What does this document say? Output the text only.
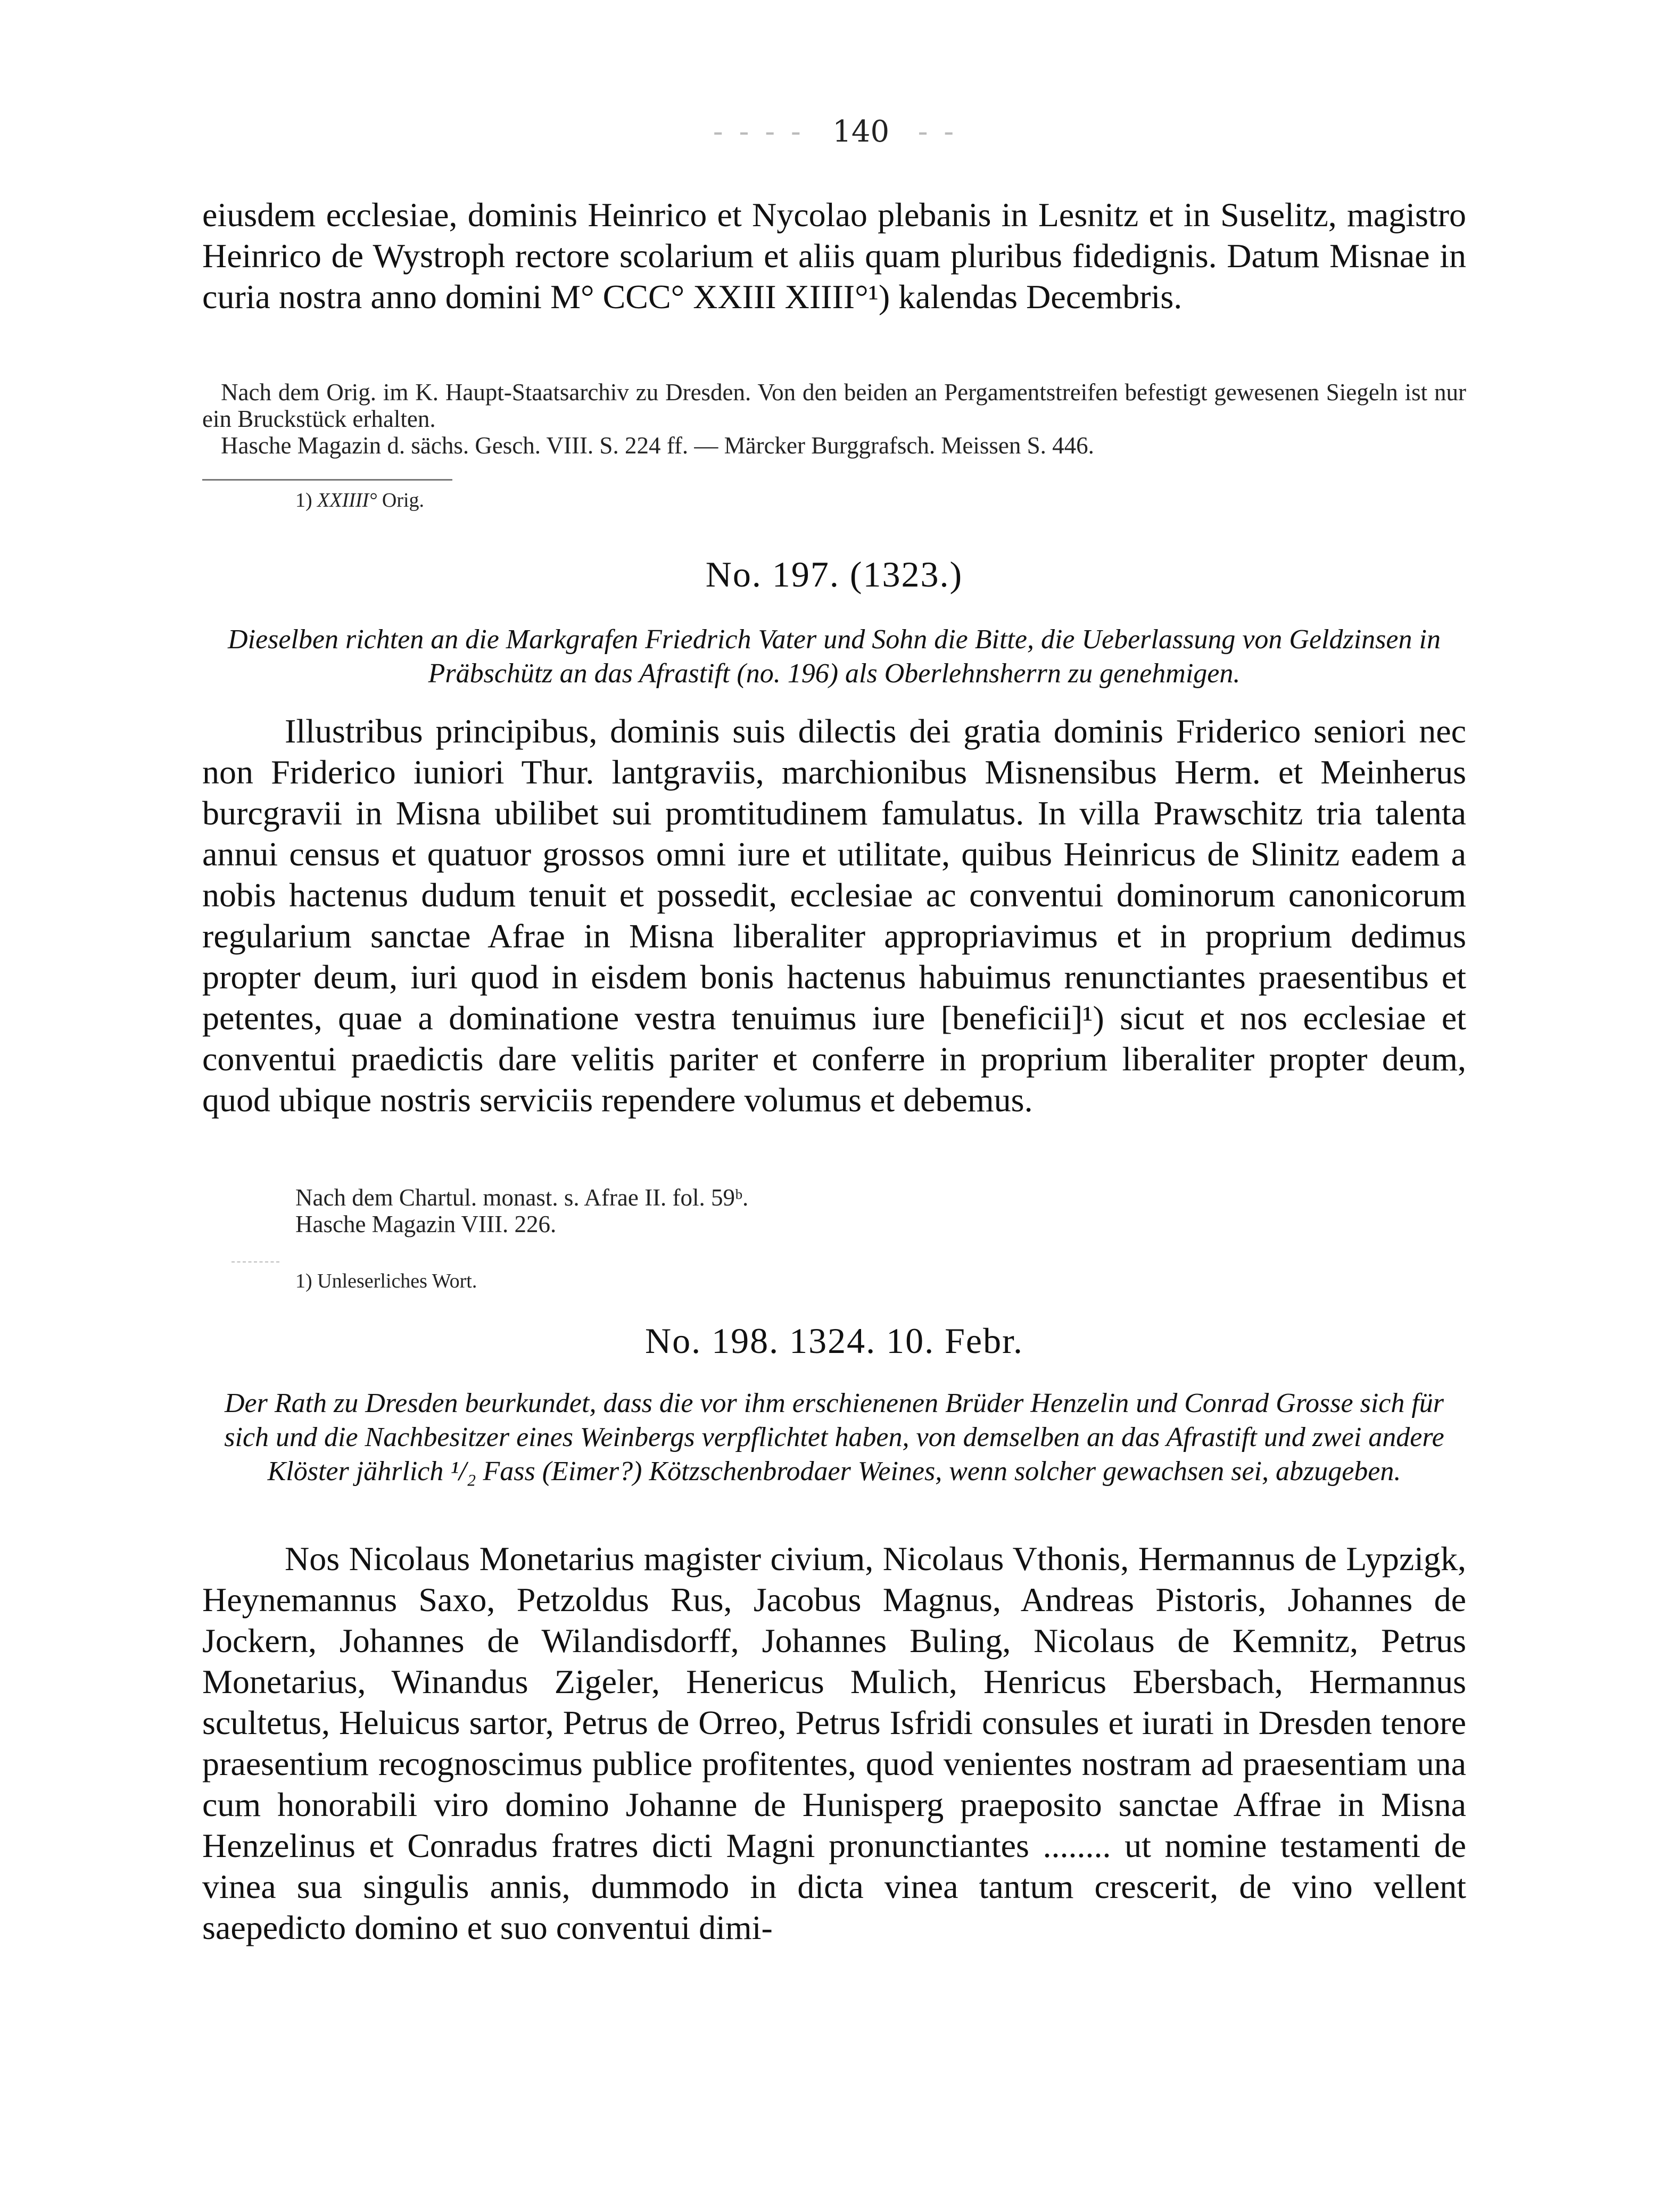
- - - - 140 - -
eiusdem ecclesiae, dominis Heinrico et Nycolao plebanis in Lesnitz et in Suselitz, magistro Heinrico de Wystroph rectore scolarium et aliis quam pluribus fidedignis. Datum Misnae in curia nostra anno domini M° CCC° XXIII XIIII°¹) kalendas Decembris.
Nach dem Orig. im K. Haupt-Staatsarchiv zu Dresden. Von den beiden an Pergamentstreifen befestigt gewesenen Siegeln ist nur ein Bruckstück erhalten.
Hasche Magazin d. sächs. Gesch. VIII. S. 224 ff. — Märcker Burggrafsch. Meissen S. 446.
1) XXIIII° Orig.
No. 197. (1323.)
Dieselben richten an die Markgrafen Friedrich Vater und Sohn die Bitte, die Ueberlassung von Geldzinsen in Präbschütz an das Afrastift (no. 196) als Oberlehnsherrn zu genehmigen.
Illustribus principibus, dominis suis dilectis dei gratia dominis Friderico seniori nec non Friderico iuniori Thur. lantgraviis, marchionibus Misnensibus Herm. et Meinherus burcgravii in Misna ubilibet sui promtitudinem famulatus. In villa Prawschitz tria talenta annui census et quatuor grossos omni iure et utilitate, quibus Heinricus de Slinitz eadem a nobis hactenus dudum tenuit et possedit, ecclesiae ac conventui dominorum canonicorum regularium sanctae Afrae in Misna liberaliter appropriavimus et in proprium dedimus propter deum, iuri quod in eisdem bonis hactenus habuimus renunctiantes praesentibus et petentes, quae a dominatione vestra tenuimus iure [beneficii]¹) sicut et nos ecclesiae et conventui praedictis dare velitis pariter et conferre in proprium liberaliter propter deum, quod ubique nostris serviciis rependere volumus et debemus.
Nach dem Chartul. monast. s. Afrae II. fol. 59ᵇ.
Hasche Magazin VIII. 226.
1) Unleserliches Wort.
No. 198. 1324. 10. Febr.
Der Rath zu Dresden beurkundet, dass die vor ihm erschienenen Brüder Henzelin und Conrad Grosse sich für sich und die Nachbesitzer eines Weinbergs verpflichtet haben, von demselben an das Afrastift und zwei andere Klöster jährlich ¹/₂ Fass (Eimer?) Kötzschenbrodaer Weines, wenn solcher gewachsen sei, abzugeben.
Nos Nicolaus Monetarius magister civium, Nicolaus Vthonis, Hermannus de Lypzigk, Heynemannus Saxo, Petzoldus Rus, Jacobus Magnus, Andreas Pistoris, Johannes de Jockern, Johannes de Wilandisdorff, Johannes Buling, Nicolaus de Kemnitz, Petrus Monetarius, Winandus Zigeler, Henericus Mulich, Henricus Ebersbach, Hermannus scultetus, Heluicus sartor, Petrus de Orreo, Petrus Isfridi consules et iurati in Dresden tenore praesentium recognoscimus publice profitentes, quod venientes nostram ad praesentiam una cum honorabili viro domino Johanne de Hunisperg praeposito sanctae Affrae in Misna Henzelinus et Conradus fratres dicti Magni pronunctiantes ........ ut nomine testamenti de vinea sua singulis annis, dummodo in dicta vinea tantum crescerit, de vino vellent saepedicto domino et suo conventui dimi-
